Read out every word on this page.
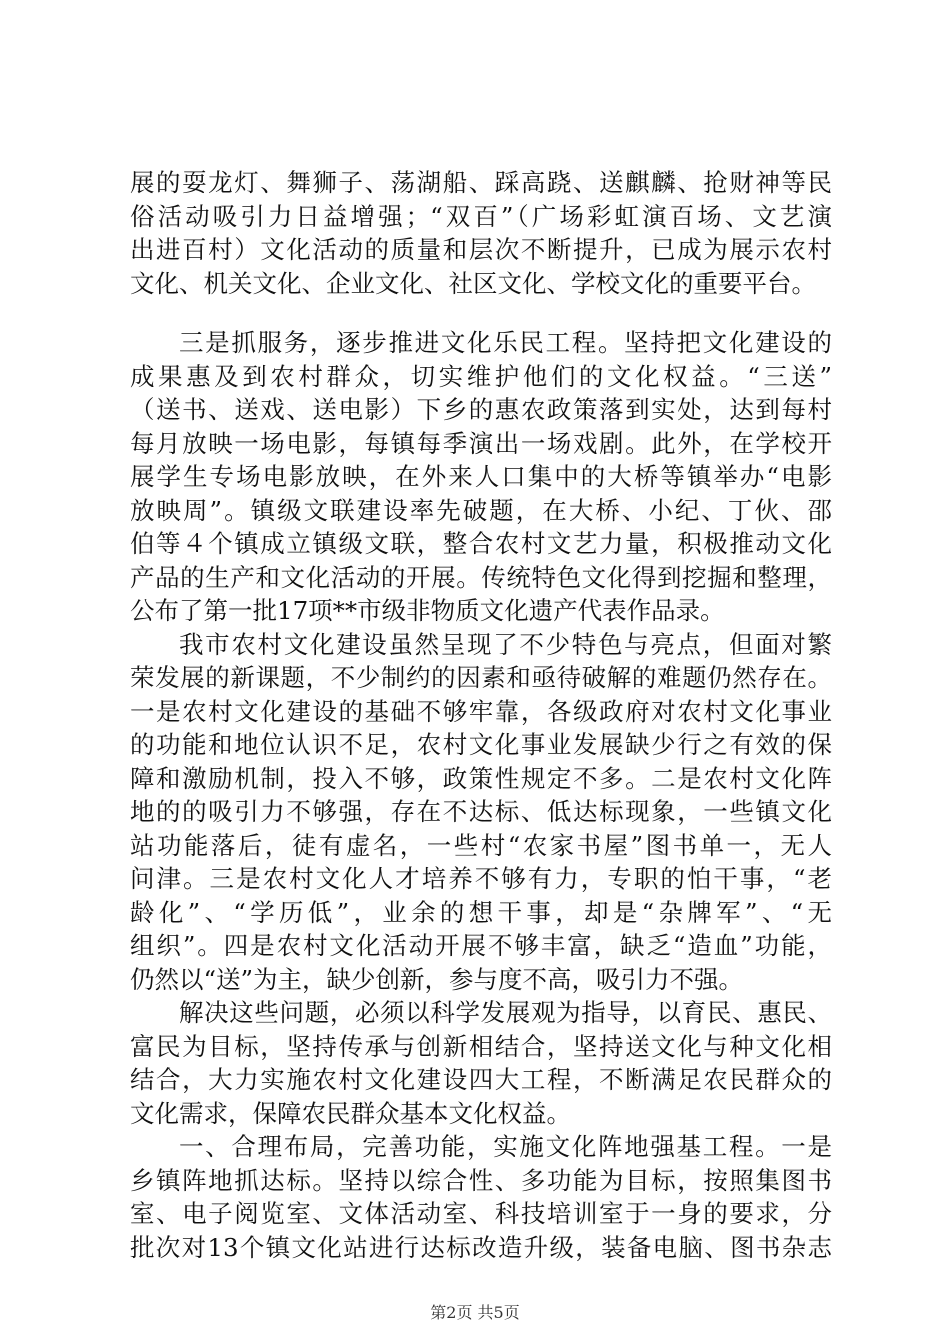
展的耍龙灯、舞狮子、荡湖船、踩高跷、送麒麟、抢财神等民
俗活动吸引力日益增强；“双百”（广场彩虹演百场、文艺演
出进百村）文化活动的质量和层次不断提升，已成为展示农村
文化、机关文化、企业文化、社区文化、学校文化的重要平台。
三是抓服务，逐步推进文化乐民工程。坚持把文化建设的
成果惠及到农村群众，切实维护他们的文化权益。“三送”
（送书、送戏、送电影）下乡的惠农政策落到实处，达到每村
每月放映一场电影，每镇每季演出一场戏剧。此外，在学校开
展学生专场电影放映，在外来人口集中的大桥等镇举办“电影
放映周”。镇级文联建设率先破题，在大桥、小纪、丁伙、邵
伯等４个镇成立镇级文联，整合农村文艺力量，积极推动文化
产品的生产和文化活动的开展。传统特色文化得到挖掘和整理，
公布了第一批17项**市级非物质文化遗产代表作品录。
我市农村文化建设虽然呈现了不少特色与亮点，但面对繁
荣发展的新课题，不少制约的因素和亟待破解的难题仍然存在。
一是农村文化建设的基础不够牢靠，各级政府对农村文化事业
的功能和地位认识不足，农村文化事业发展缺少行之有效的保
障和激励机制，投入不够，政策性规定不多。二是农村文化阵
地的的吸引力不够强，存在不达标、低达标现象，一些镇文化
站功能落后，徒有虚名，一些村“农家书屋”图书单一，无人
问津。三是农村文化人才培养不够有力，专职的怕干事，“老
龄化”、“学历低”，业余的想干事，却是“杂牌军”、“无
组织”。四是农村文化活动开展不够丰富，缺乏“造血”功能，
仍然以“送”为主，缺少创新，参与度不高，吸引力不强。
解决这些问题，必须以科学发展观为指导，以育民、惠民、
富民为目标，坚持传承与创新相结合，坚持送文化与种文化相
结合，大力实施农村文化建设四大工程，不断满足农民群众的
文化需求，保障农民群众基本文化权益。
一、合理布局，完善功能，实施文化阵地强基工程。一是
乡镇阵地抓达标。坚持以综合性、多功能为目标，按照集图书
室、电子阅览室、文体活动室、科技培训室于一身的要求，分
批次对13个镇文化站进行达标改造升级，装备电脑、图书杂志
第2页 共5页
